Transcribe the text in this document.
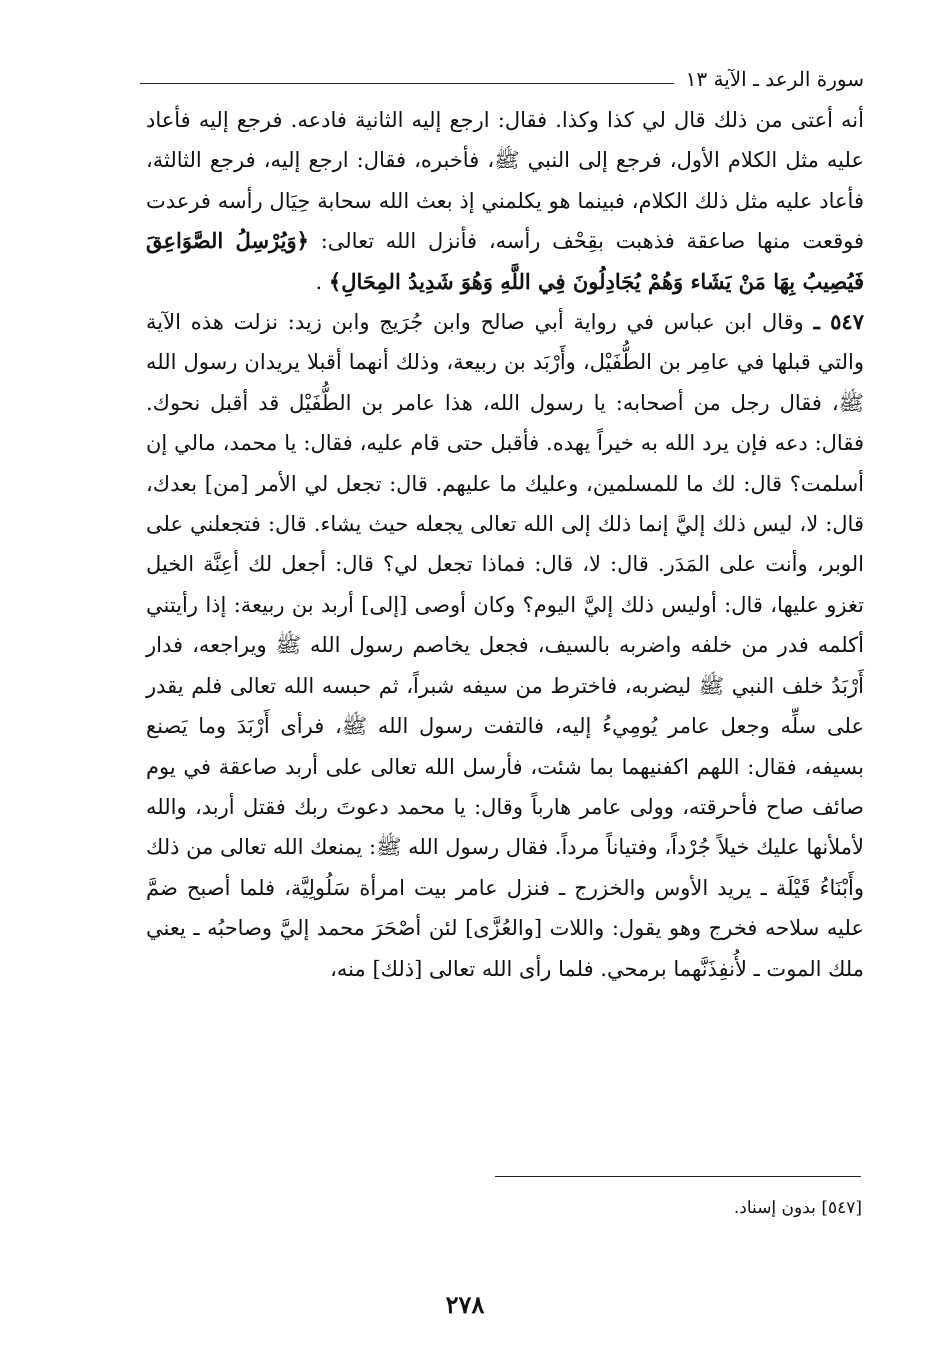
سورة الرعد ـ الآية ١٣

أنه أعتى من ذلك قال لي كذا وكذا. فقال: ارجع إليه الثانية فادعه. فرجع إليه فأعاد عليه مثل الكلام الأول، فرجع إلى النبي ﷺ، فأخبره، فقال: ارجع إليه، فرجع الثالثة، فأعاد عليه مثل ذلك الكلام، فبينما هو يكلمني إذ بعث الله سحابة حِيَال رأسه فرعدت فوقعت منها صاعقة فذهبت بقِحْف رأسه، فأنزل الله تعالى: ﴿وَيُرْسِلُ الصَّوَاعِقَ فَيُصِيبُ بِهَا مَنْ يَشَاء وَهُمْ يُجَادِلُونَ فِي اللَّهِ وَهُوَ شَدِيدُ المِحَالِ﴾ .

٥٤٧ ـ وقال ابن عباس في رواية أبي صالح وابن جُرَيج وابن زيد: نزلت هذه الآية والتي قبلها في عامِر بن الطُّفَيْل، وأَرْبَد بن ربيعة، وذلك أنهما أقبلا يريدان رسول الله ﷺ، فقال رجل من أصحابه: يا رسول الله، هذا عامر بن الطُّفَيْل قد أقبل نحوك. فقال: دعه فإن يرد الله به خيراً يهده. فأقبل حتى قام عليه، فقال: يا محمد، مالي إن أسلمت؟ قال: لك ما للمسلمين، وعليك ما عليهم. قال: تجعل لي الأمر [من] بعدك، قال: لا، ليس ذلك إليَّ إنما ذلك إلى الله تعالى يجعله حيث يشاء. قال: فتجعلني على الوبر، وأنت على المَدَر. قال: لا، قال: فماذا تجعل لي؟ قال: أجعل لك أعِنَّة الخيل تغزو عليها، قال: أوليس ذلك إليَّ اليوم؟ وكان أوصى [إلى] أربد بن ربيعة: إذا رأيتني أكلمه فدر من خلفه واضربه بالسيف، فجعل يخاصم رسول الله ﷺ ويراجعه، فدار أَرْبَدُ خلف النبي ﷺ ليضربه، فاخترط من سيفه شبراً، ثم حبسه الله تعالى فلم يقدر على سلِّه وجعل عامر يُومِيءُ إليه، فالتفت رسول الله ﷺ، فرأى أَرْبَدَ وما يَصنع بسيفه، فقال: اللهم اكفنيهما بما شئت، فأرسل الله تعالى على أربد صاعقة في يوم صائف صاح فأحرقته، وولى عامر هارباً وقال: يا محمد دعوتَ ربك فقتل أربد، والله لأملأنها عليك خيلاً جُرْداً، وفتياناً مرداً. فقال رسول الله ﷺ: يمنعك الله تعالى من ذلك وأَبْنَاءُ قَيْلَة ـ يريد الأوس والخزرج ـ فنزل عامر بيت امرأة سَلُولِيَّة، فلما أصبح ضمَّ عليه سلاحه فخرج وهو يقول: واللات [والعُزَّى] لئن أصْحَرَ محمد إليَّ وصاحبُه ـ يعني ملك الموت ـ لأُنفِذَنَّهما برمحي. فلما رأى الله تعالى [ذلك] منه،

[٥٤٧] بدون إسناد.
٢٧٨
